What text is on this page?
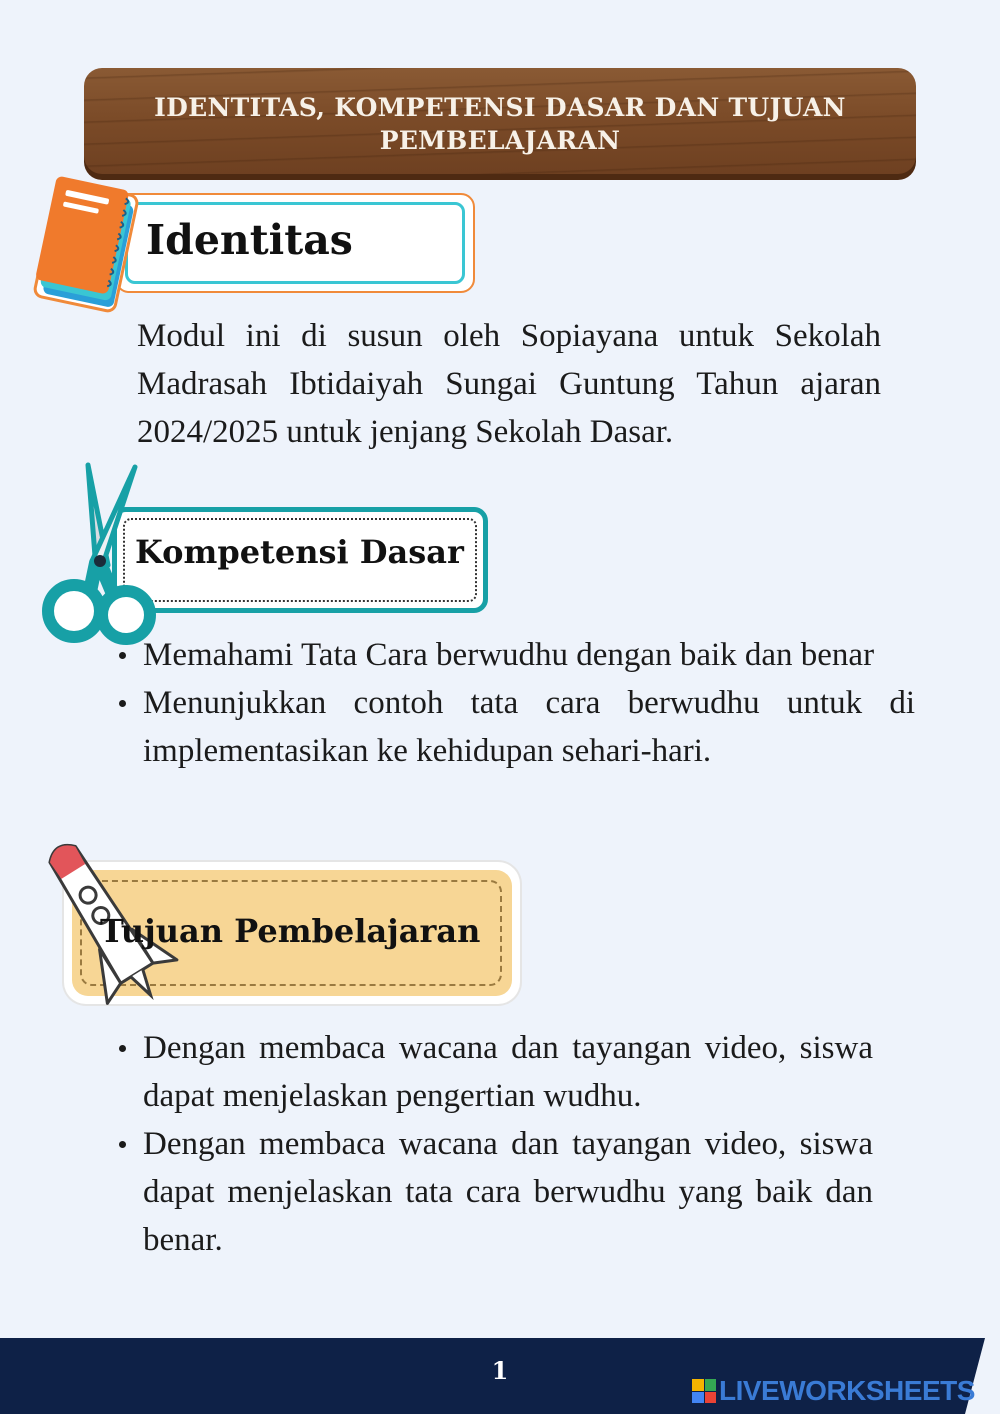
IDENTITAS, KOMPETENSI DASAR DAN TUJUAN PEMBELAJARAN
Identitas

Modul ini di susun oleh Sopiayana untuk Sekolah Madrasah Ibtidaiyah Sungai Guntung Tahun ajaran 2024/2025 untuk jenjang Sekolah Dasar.

Kompetensi Dasar
Memahami Tata Cara berwudhu dengan baik dan benar
Menunjukkan contoh tata cara berwudhu untuk di implementasikan ke kehidupan sehari-hari.
Tujuan Pembelajaran
Dengan membaca wacana dan tayangan video, siswa dapat menjelaskan pengertian wudhu.
Dengan membaca wacana dan tayangan video, siswa dapat menjelaskan tata cara berwudhu yang baik dan benar.
1
LIVEWORKSHEETS
